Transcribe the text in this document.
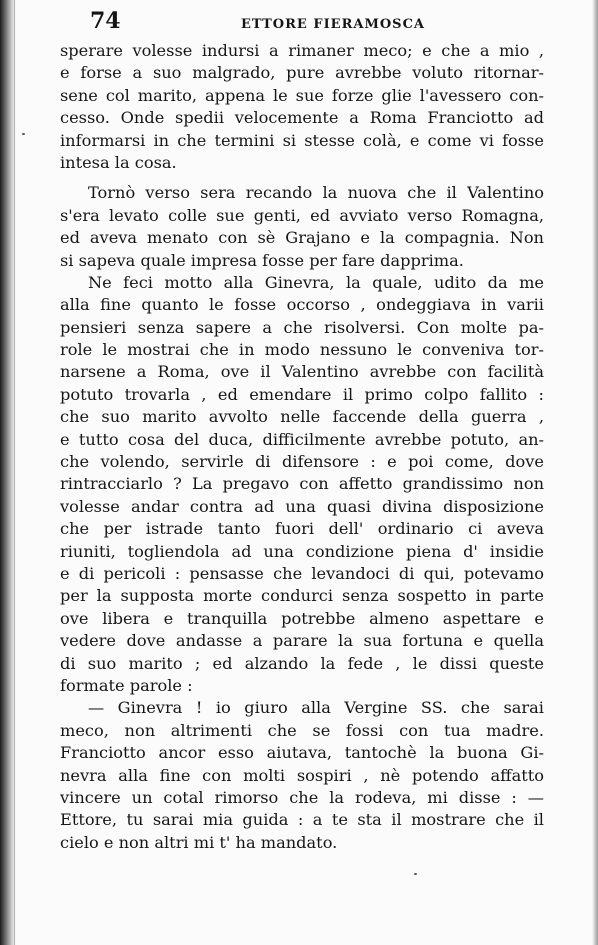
74	ETTORE FIERAMOSCA
sperare volesse indursi a rimaner meco; e che a mio ,
e forse a suo malgrado, pure avrebbe voluto ritornar-
sene col marito, appena le sue forze glie l'avessero con-
cesso. Onde spedii velocemente a Roma Franciotto ad
informarsi in che termini si stesse colà, e come vi fosse
intesa la cosa.
Tornò verso sera recando la nuova che il Valentino
s'era levato colle sue genti, ed avviato verso Romagna,
ed aveva menato con sè Grajano e la compagnia. Non
si sapeva quale impresa fosse per fare dapprima.
Ne feci motto alla Ginevra, la quale, udito da me
alla fine quanto le fosse occorso , ondeggiava in varii
pensieri senza sapere a che risolversi. Con molte pa-
role le mostrai che in modo nessuno le conveniva tor-
narsene a Roma, ove il Valentino avrebbe con facilità
potuto trovarla , ed emendare il primo colpo fallito :
che suo marito avvolto nelle faccende della guerra ,
e tutto cosa del duca, difficilmente avrebbe potuto, an-
che volendo, servirle di difensore : e poi come, dove
rintracciarlo ? La pregavo con affetto grandissimo non
volesse andar contra ad una quasi divina disposizione
che per istrade tanto fuori dell' ordinario ci aveva
riuniti, togliendola ad una condizione piena d' insidie
e di pericoli : pensasse che levandoci di qui, potevamo
per la supposta morte condurci senza sospetto in parte
ove libera e tranquilla potrebbe almeno aspettare e
vedere dove andasse a parare la sua fortuna e quella
di suo marito ; ed alzando la fede , le dissi queste
formate parole :
— Ginevra ! io giuro alla Vergine SS. che sarai
meco, non altrimenti che se fossi con tua madre.
Franciotto ancor esso aiutava, tantochè la buona Gi-
nevra alla fine con molti sospiri , nè potendo affatto
vincere un cotal rimorso che la rodeva, mi disse : —
Ettore, tu sarai mia guida : a te sta il mostrare che il
cielo e non altri mi t' ha mandato.
